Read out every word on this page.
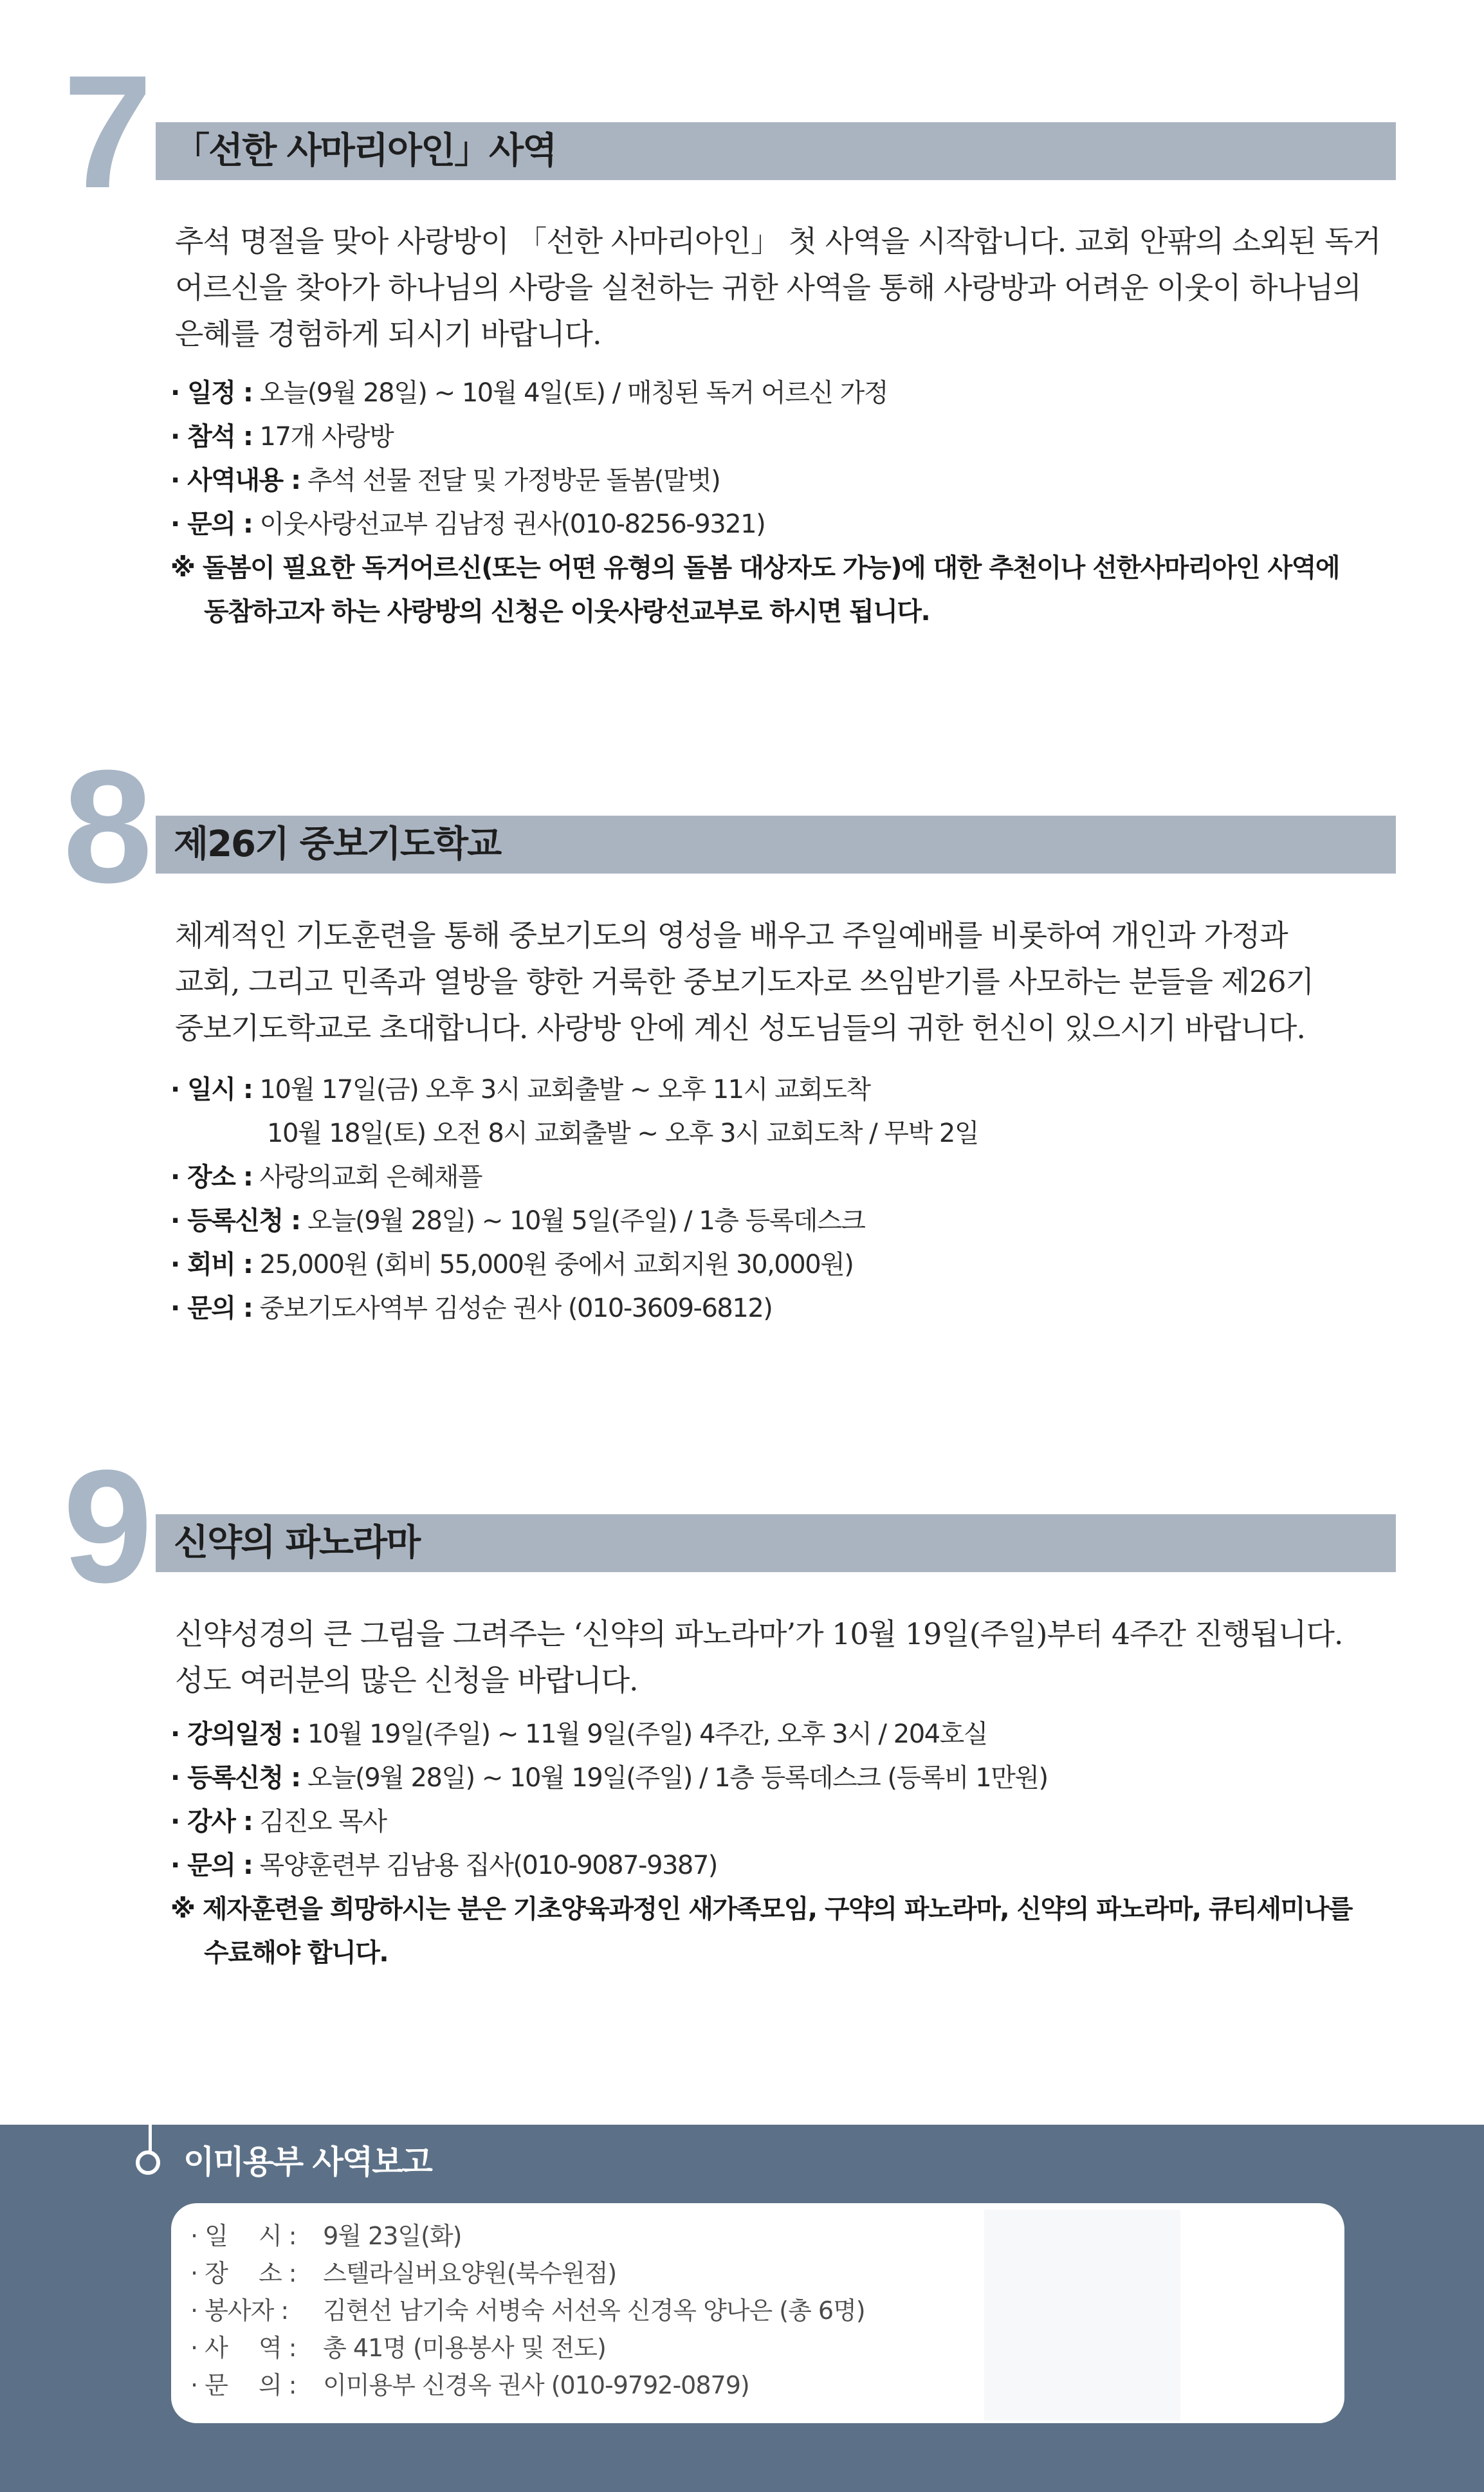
7 「선한 사마리아인」사역

추석 명절을 맞아 사랑방이 「선한 사마리아인」 첫 사역을 시작합니다. 교회 안팎의 소외된 독거

어르신을 찾아가 하나님의 사랑을 실천하는 귀한 사역을 통해 사랑방과 어려운 이웃이 하나님의

은혜를 경험하게 되시기 바랍니다.

· 일정 : 오늘(9월 28일) ~ 10월 4일(토) / 매칭된 독거 어르신 가정
· 참석 : 17개 사랑방
· 사역내용 : 추석 선물 전달 및 가정방문 돌봄(말벗)
· 문의 : 이웃사랑선교부 김남정 권사(010-8256-9321)
※ 돌봄이 필요한 독거어르신(또는 어떤 유형의 돌봄 대상자도 가능)에 대한 추천이나 선한사마리아인 사역에
동참하고자 하는 사랑방의 신청은 이웃사랑선교부로 하시면 됩니다.
8 제26기 중보기도학교

체계적인 기도훈련을 통해 중보기도의 영성을 배우고 주일예배를 비롯하여 개인과 가정과

교회, 그리고 민족과 열방을 향한 거룩한 중보기도자로 쓰임받기를 사모하는 분들을 제26기

중보기도학교로 초대합니다. 사랑방 안에 계신 성도님들의 귀한 헌신이 있으시기 바랍니다.

· 일시 : 10월 17일(금) 오후 3시 교회출발 ~ 오후 11시 교회도착
10월 18일(토) 오전 8시 교회출발 ~ 오후 3시 교회도착 / 무박 2일
· 장소 : 사랑의교회 은혜채플
· 등록신청 : 오늘(9월 28일) ~ 10월 5일(주일) / 1층 등록데스크
· 회비 : 25,000원 (회비 55,000원 중에서 교회지원 30,000원)
· 문의 : 중보기도사역부 김성순 권사 (010-3609-6812)
9 신약의 파노라마

신약성경의 큰 그림을 그려주는 ‘신약의 파노라마’가 10월 19일(주일)부터 4주간 진행됩니다.

성도 여러분의 많은 신청을 바랍니다.

· 강의일정 : 10월 19일(주일) ~ 11월 9일(주일) 4주간, 오후 3시 / 204호실
· 등록신청 : 오늘(9월 28일) ~ 10월 19일(주일) / 1층 등록데스크 (등록비 1만원)
· 강사 : 김진오 목사
· 문의 : 목양훈련부 김남용 집사(010-9087-9387)
※ 제자훈련을 희망하시는 분은 기초양육과정인 새가족모임, 구약의 파노라마, 신약의 파노라마, 큐티세미나를
수료해야 합니다.
이미용부 사역보고
· 일 　시 : 9월 23일(화)
· 장 　소 : 스텔라실버요양원(북수원점)
· 봉사자 : 김현선 남기숙 서병숙 서선옥 신경옥 양나은 (총 6명)
· 사 　역 : 총 41명 (미용봉사 및 전도)
· 문 　의 : 이미용부 신경옥 권사 (010-9792-0879)
